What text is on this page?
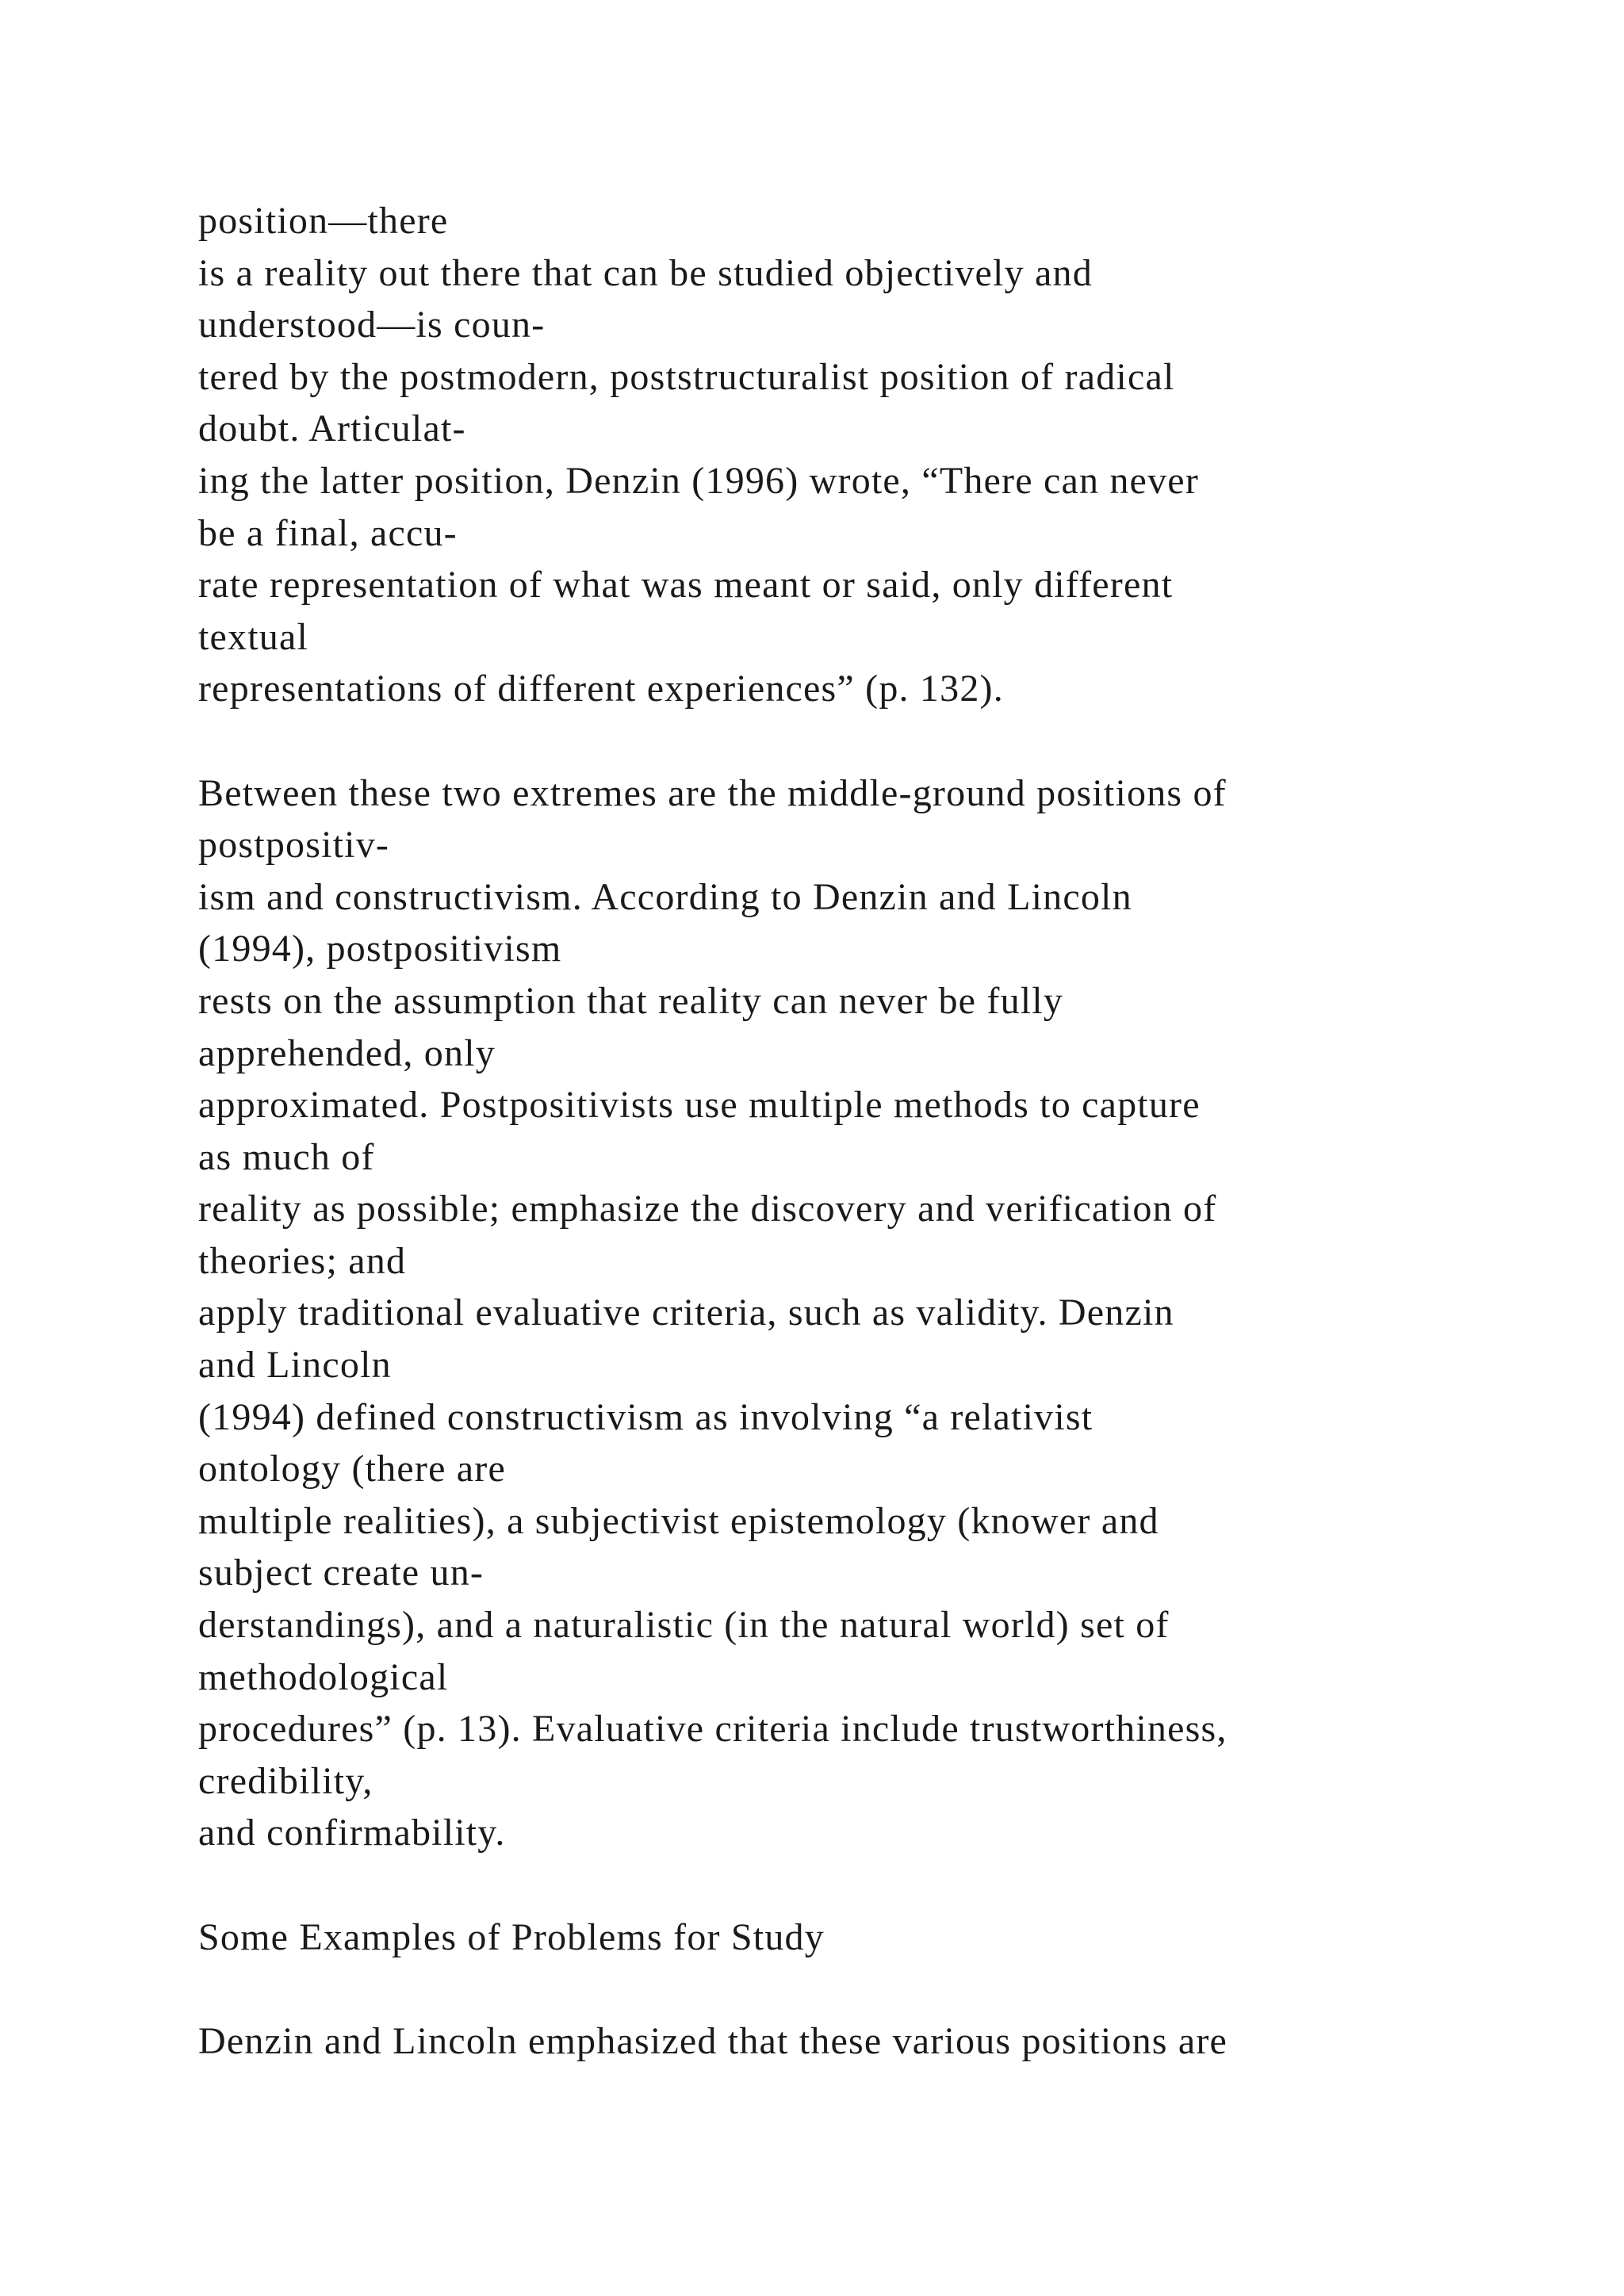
position—there
is a reality out there that can be studied objectively and
understood—is coun-
tered by the postmodern, poststructuralist position of radical
doubt. Articulat-
ing the latter position, Denzin (1996) wrote, “There can never
be a final, accu-
rate representation of what was meant or said, only different
textual
representations of different experiences” (p. 132).
Between these two extremes are the middle-ground positions of
postpositiv-
ism and constructivism. According to Denzin and Lincoln
(1994), postpositivism
rests on the assumption that reality can never be fully
apprehended, only
approximated. Postpositivists use multiple methods to capture
as much of
reality as possible; emphasize the discovery and verification of
theories; and
apply traditional evaluative criteria, such as validity. Denzin
and Lincoln
(1994) defined constructivism as involving “a relativist
ontology (there are
multiple realities), a subjectivist epistemology (knower and
subject create un-
derstandings), and a naturalistic (in the natural world) set of
methodological
procedures” (p. 13). Evaluative criteria include trustworthiness,
credibility,
and confirmability.
Some Examples of Problems for Study
Denzin and Lincoln emphasized that these various positions are
